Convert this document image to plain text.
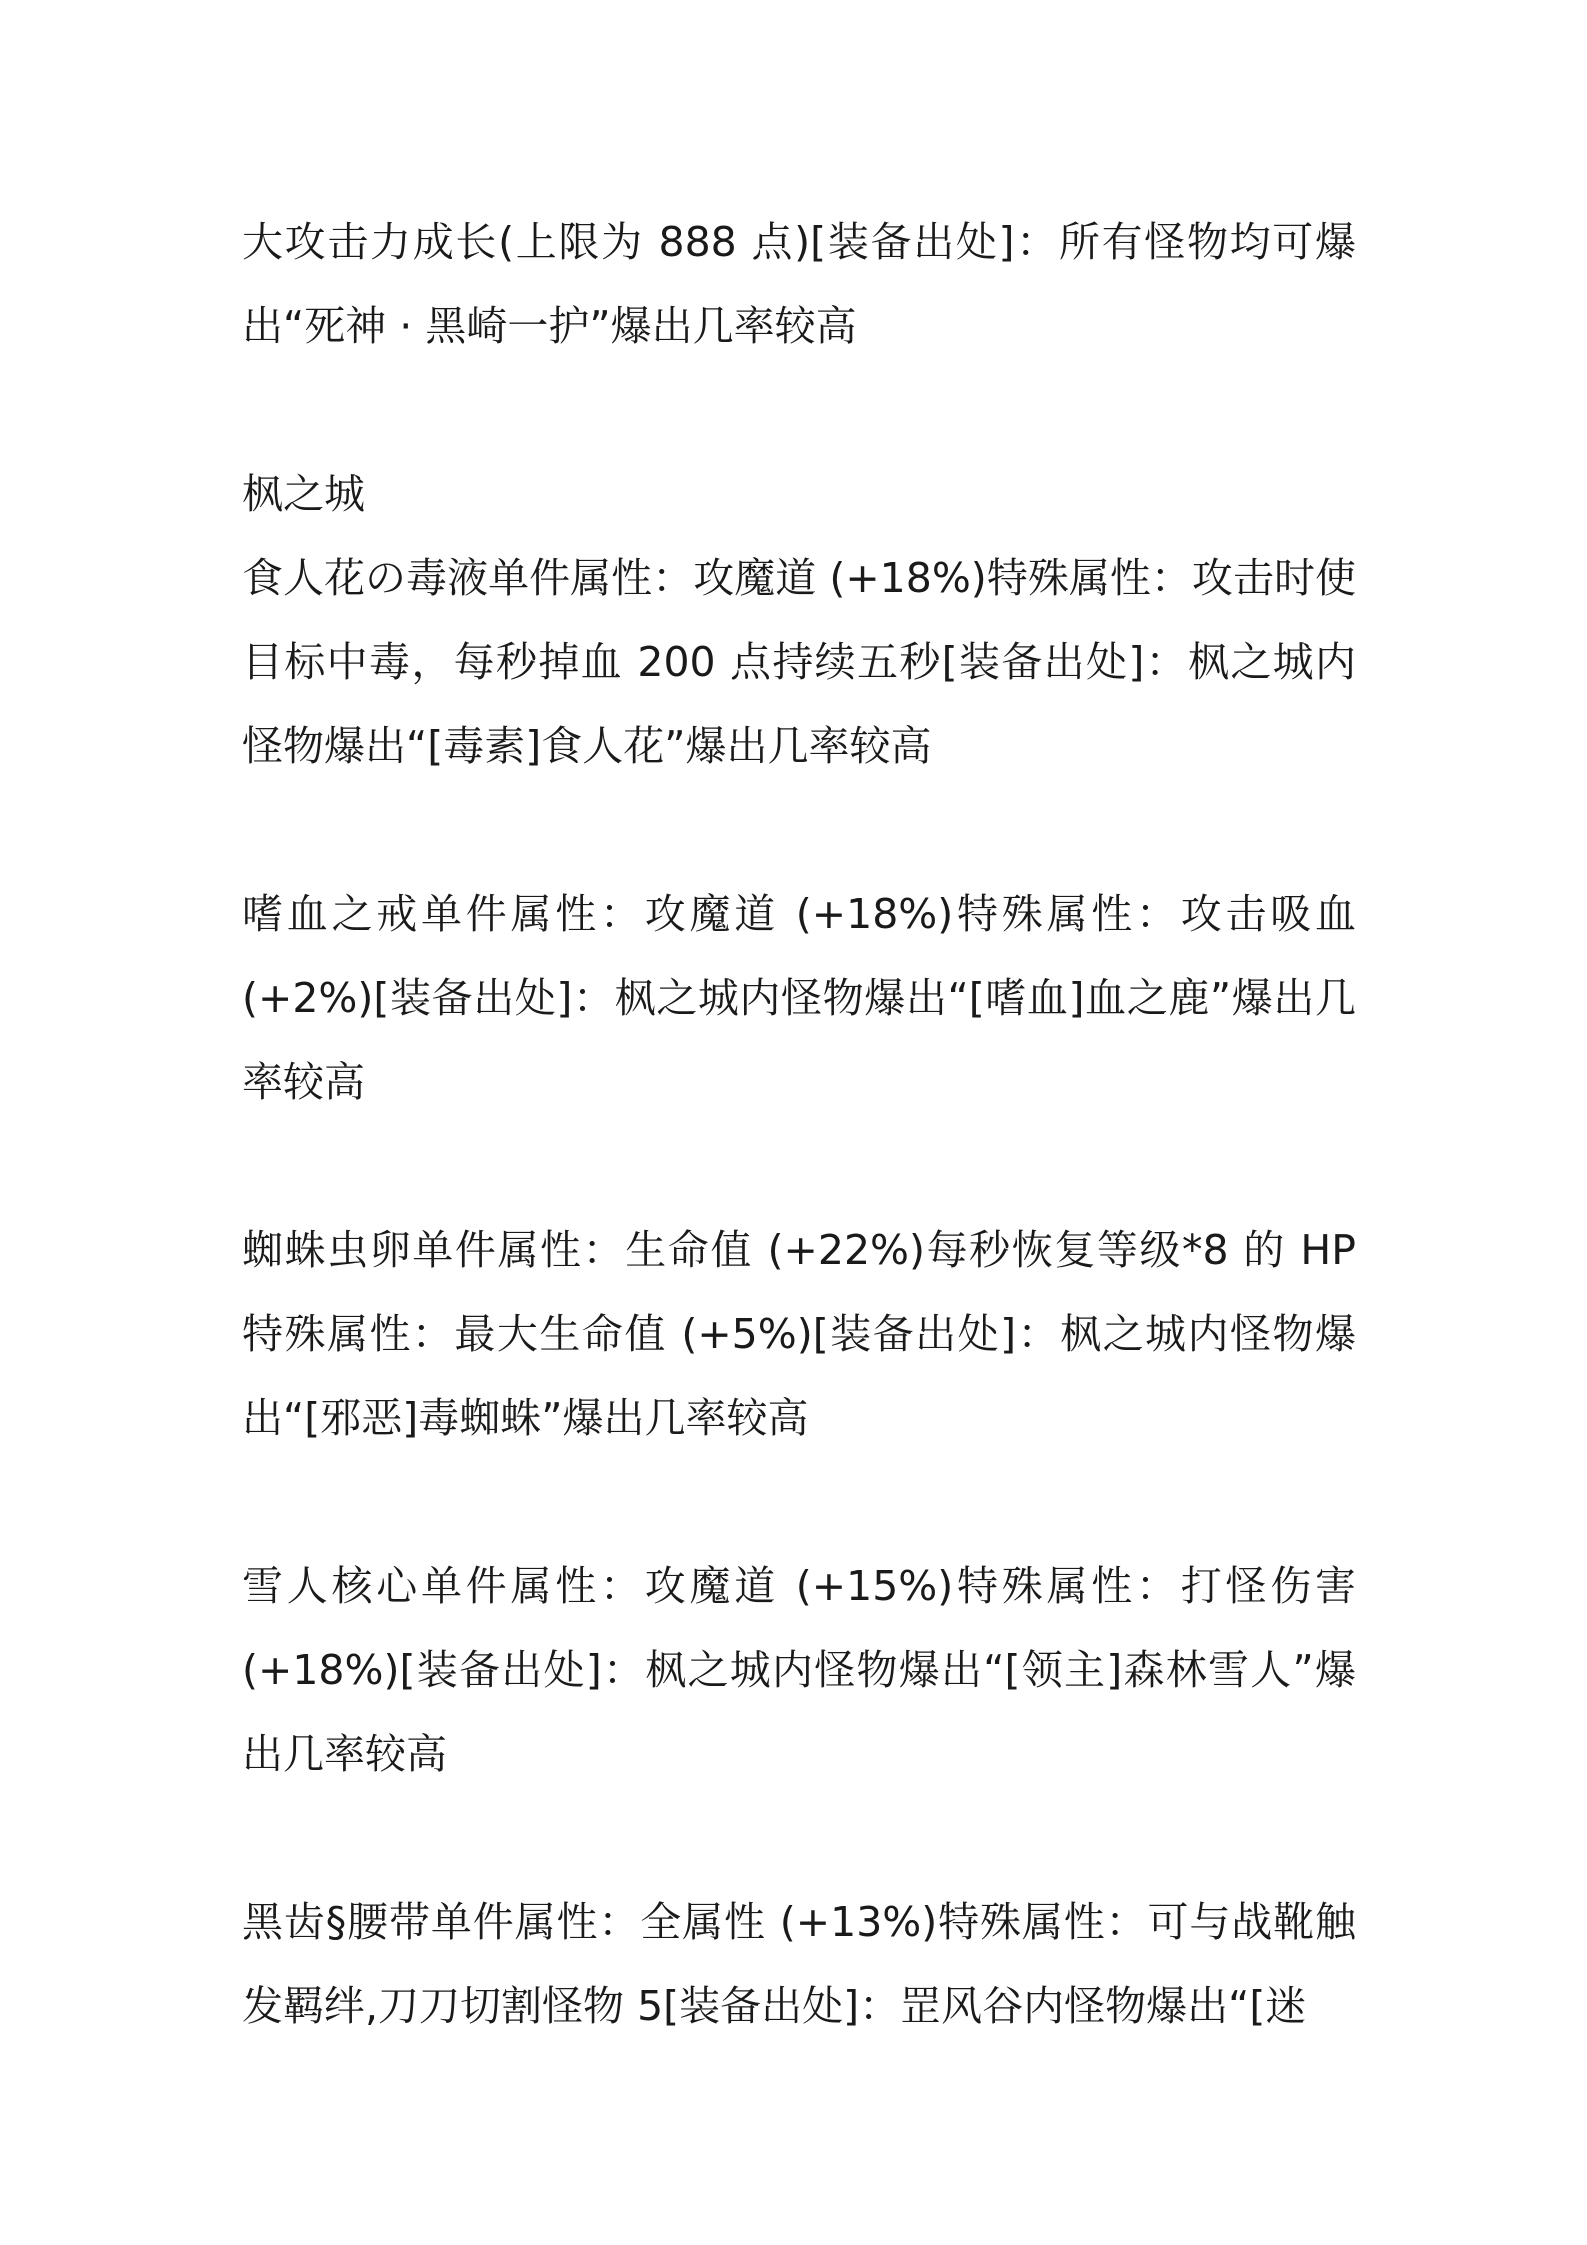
大攻击力成长(上限为 888 点)[装备出处]：所有怪物均可爆出“死神 · 黑崎一护”爆出几率较高

枫之城

食人花の毒液单件属性：攻魔道 (+18%)特殊属性：攻击时使目标中毒，每秒掉血 200 点持续五秒[装备出处]：枫之城内怪物爆出“[毒素]食人花”爆出几率较高

嗜血之戒单件属性：攻魔道 (+18%)特殊属性：攻击吸血(+2%)[装备出处]：枫之城内怪物爆出“[嗜血]血之鹿”爆出几率较高

蜘蛛虫卵单件属性：生命值 (+22%)每秒恢复等级*8 的 HP 特殊属性：最大生命值 (+5%)[装备出处]：枫之城内怪物爆出“[邪恶]毒蜘蛛”爆出几率较高

雪人核心单件属性：攻魔道 (+15%)特殊属性：打怪伤害(+18%)[装备出处]：枫之城内怪物爆出“[领主]森林雪人”爆出几率较高

黑齿§腰带单件属性：全属性 (+13%)特殊属性：可与战靴触发羁绊,刀刀切割怪物 5[装备出处]：罡风谷内怪物爆出“[迷
